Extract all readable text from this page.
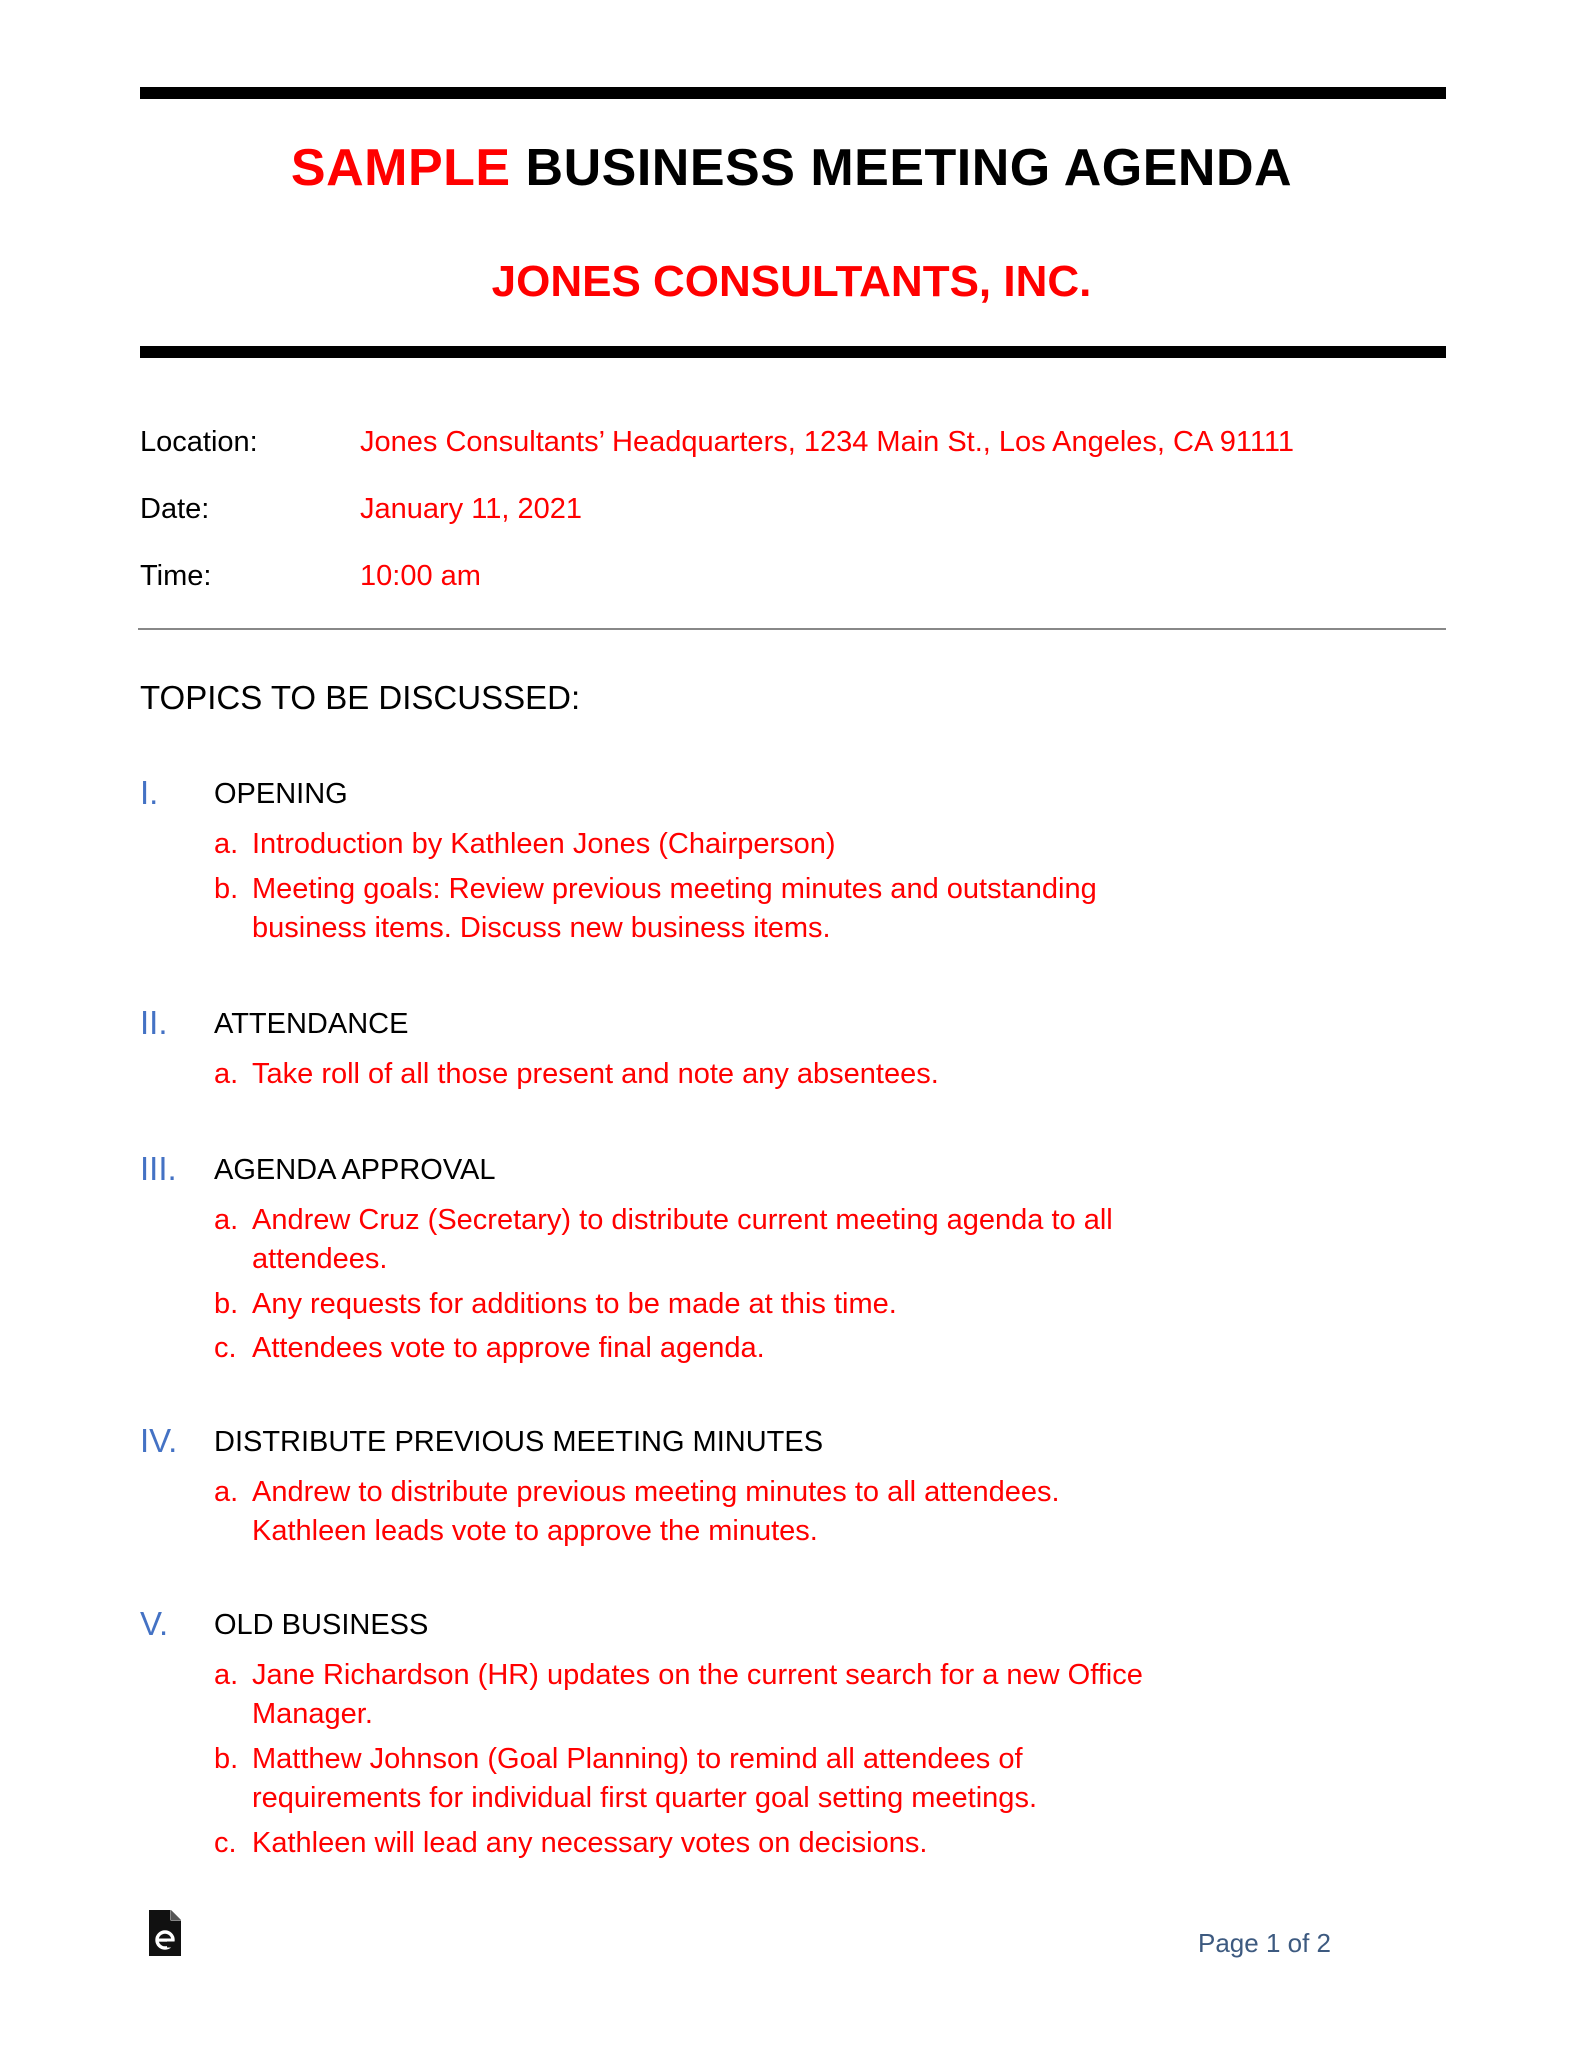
SAMPLE BUSINESS MEETING AGENDA
JONES CONSULTANTS, INC.
Location:	Jones Consultants’ Headquarters, 1234 Main St., Los Angeles, CA 91111
Date:	January 11, 2021
Time:	10:00 am
TOPICS TO BE DISCUSSED:
I. OPENING
a. Introduction by Kathleen Jones (Chairperson)
b. Meeting goals: Review previous meeting minutes and outstanding business items. Discuss new business items.
II. ATTENDANCE
a. Take roll of all those present and note any absentees.
III. AGENDA APPROVAL
a. Andrew Cruz (Secretary) to distribute current meeting agenda to all attendees.
b. Any requests for additions to be made at this time.
c. Attendees vote to approve final agenda.
IV. DISTRIBUTE PREVIOUS MEETING MINUTES
a. Andrew to distribute previous meeting minutes to all attendees. Kathleen leads vote to approve the minutes.
V. OLD BUSINESS
a. Jane Richardson (HR) updates on the current search for a new Office Manager.
b. Matthew Johnson (Goal Planning) to remind all attendees of requirements for individual first quarter goal setting meetings.
c. Kathleen will lead any necessary votes on decisions.
Page 1 of 2
